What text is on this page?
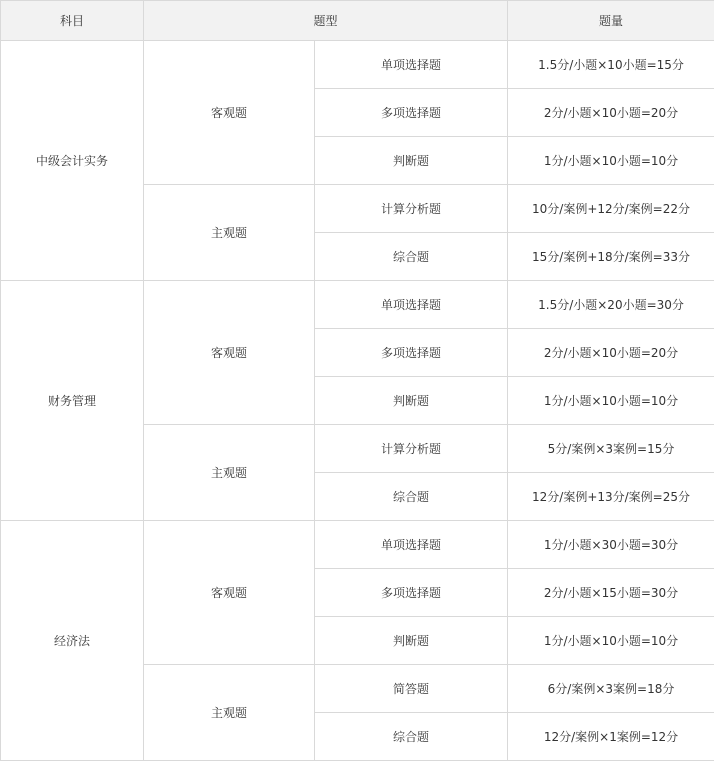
科目	题型		题量
中级会计实务	客观题	单项选择题	1.5分/小题×10小题=15分
		多项选择题	2分/小题×10小题=20分
		判断题	1分/小题×10小题=10分
	主观题	计算分析题	10分/案例+12分/案例=22分
		综合题	15分/案例+18分/案例=33分
财务管理	客观题	单项选择题	1.5分/小题×20小题=30分
		多项选择题	2分/小题×10小题=20分
		判断题	1分/小题×10小题=10分
	主观题	计算分析题	5分/案例×3案例=15分
		综合题	12分/案例+13分/案例=25分
经济法	客观题	单项选择题	1分/小题×30小题=30分
		多项选择题	2分/小题×15小题=30分
		判断题	1分/小题×10小题=10分
	主观题	简答题	6分/案例×3案例=18分
		综合题	12分/案例×1案例=12分
